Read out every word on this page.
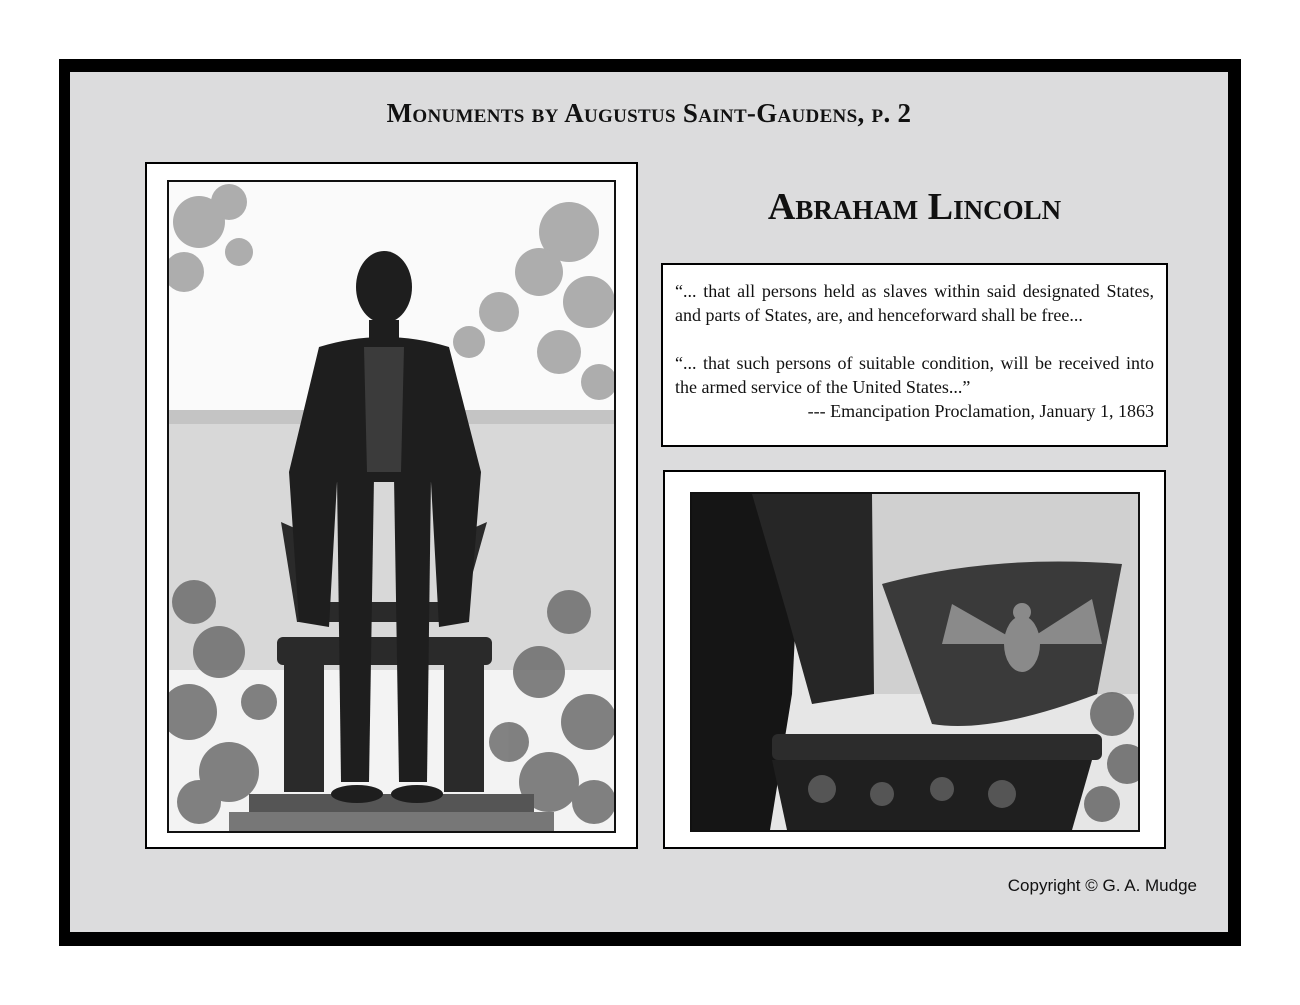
Monuments by Augustus Saint-Gaudens, p. 2
Abraham Lincoln

“... that all persons held as slaves within said designated States, and parts of States, are, and henceforward shall be free...

“... that such persons of suitable condition, will be received into the armed service of the United States...”

--- Emancipation Proclamation, January 1, 1863

Copyright © G. A. Mudge
